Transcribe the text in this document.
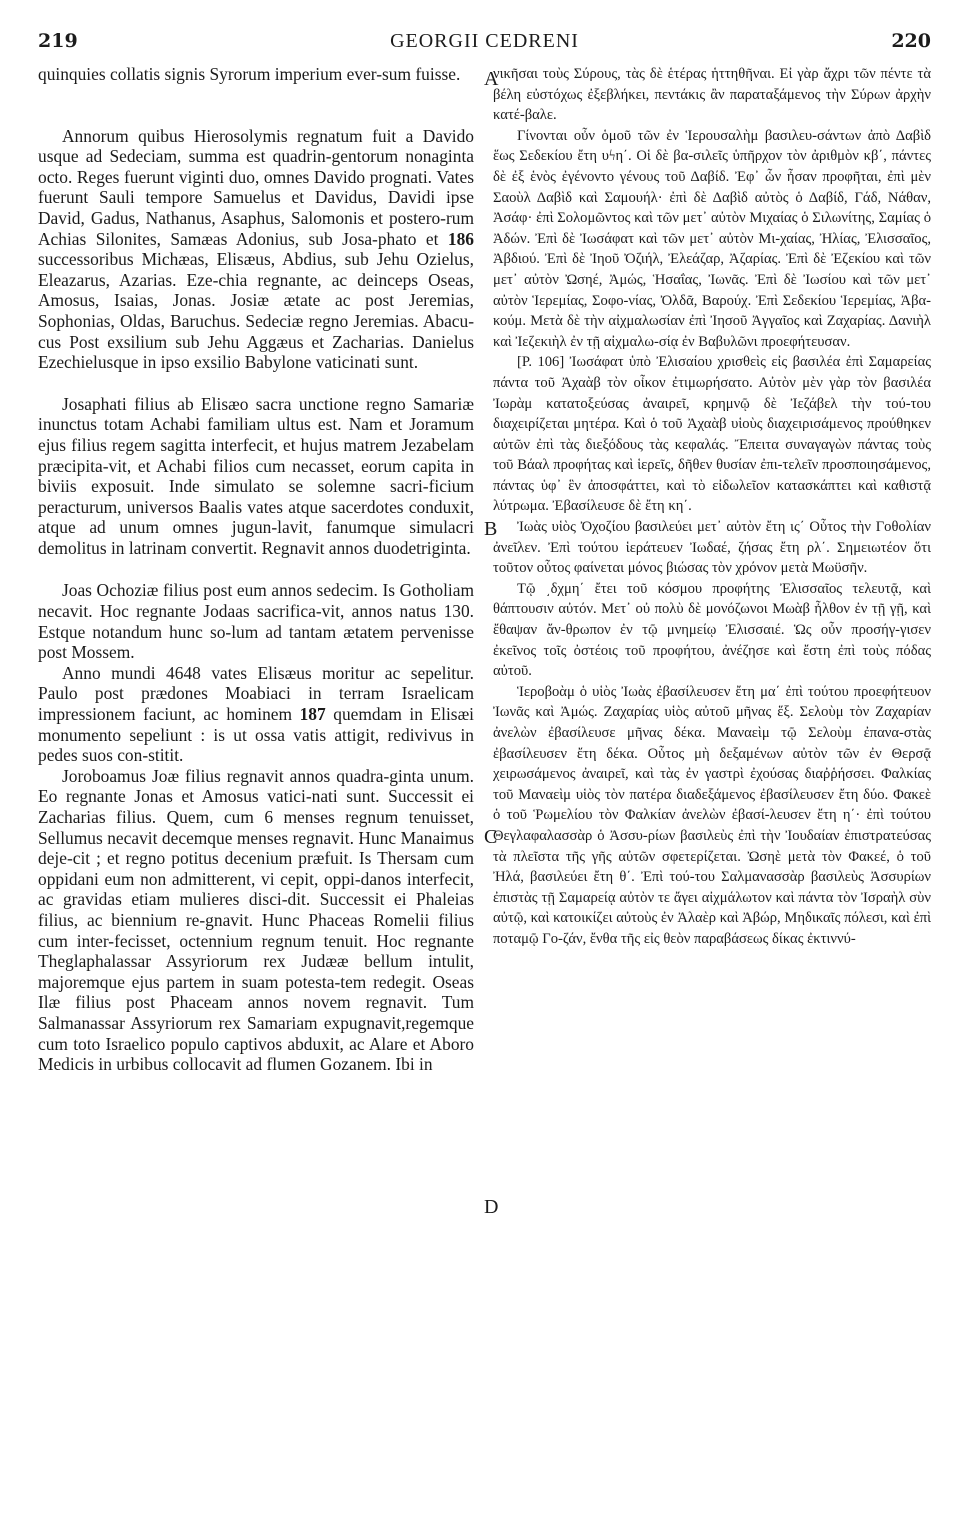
219	GEORGII CEDRENI	220
A
B
C
D

quinquies collatis signis Syrorum imperium ever-sum fuisse.

Annorum quibus Hierosolymis regnatum fuit a Davido usque ad Sedeciam, summa est quadrin-gentorum nonaginta octo. Reges fuerunt viginti duo, omnes Davido prognati. Vates fuerunt Sauli tempore Samuelus et Davidus, Davidi ipse David, Gadus, Nathanus, Asaphus, Salomonis et postero-rum Achias Silonites, Samæas Adonius, sub Josa-phato et 186 successoribus Michæas, Elisæus, Abdius, sub Jehu Ozielus, Eleazarus, Azarias. Eze-chia regnante, ac deinceps Oseas, Amosus, Isaias, Jonas. Josiæ ætate ac post Jeremias, Sophonias, Oldas, Baruchus. Sedeciæ regno Jeremias. Abacu-cus Post exsilium sub Jehu Aggæus et Zacharias. Danielus Ezechielusque in ipso exsilio Babylone vaticinati sunt.

Josaphati filius ab Elisæo sacra unctione regno Samariæ inunctus totam Achabi familiam ultus est. Nam et Joramum ejus filius regem sagitta interfecit, et hujus matrem Jezabelam præcipita-vit, et Achabi filios cum necasset, eorum capita in biviis exposuit. Inde simulato se solemne sacri-ficium peracturum, universos Baalis vates atque sacerdotes conduxit, atque ad unum omnes jugun-lavit, fanumque simulacri demolitus in latrinam convertit. Regnavit annos duodetriginta.

Joas Ochoziæ filius post eum annos sedecim. Is Gotholiam necavit. Hoc regnante Jodaas sacrifica-vit, annos natus 130. Estque notandum hunc so-lum ad tantam ætatem pervenisse post Mossem.

Anno mundi 4648 vates Elisæus moritur ac sepelitur. Paulo post prædones Moabiaci in terram Israelicam impressionem faciunt, ac hominem 187 quemdam in Elisæi monumento sepeliunt : is ut ossa vatis attigit, redivivus in pedes suos con-stitit.

Joroboamus Joæ filius regnavit annos quadra-ginta unum. Eo regnante Jonas et Amosus vatici-nati sunt. Successit ei Zacharias filius. Quem, cum 6 menses regnum tenuisset, Sellumus necavit decemque menses regnavit. Hunc Manaimus deje-cit ; et regno potitus decenium præfuit. Is Thersam cum oppidani eum non admitterent, vi cepit, oppi-danos interfecit, ac gravidas etiam mulieres disci-dit. Successit ei Phaleias filius, ac biennium re-gnavit. Hunc Phaceas Romelii filius cum inter-fecisset, octennium regnum tenuit. Hoc regnante Theglaphalassar Assyriorum rex Judææ bellum intulit, majoremque ejus partem in suam potesta-tem redegit. Oseas Ilæ filius post Phaceam annos novem regnavit. Tum Salmanassar Assyriorum rex Samariam expugnavit,regemque cum toto Israelico populo captivos abduxit, ac Alare et Aboro Medicis in urbibus collocavit ad flumen Gozanem. Ibi in

νικῆσαι τοὺς Σύρους, τὰς δὲ ἑτέρας ἡττηθῆναι. Εἰ γὰρ ἄχρι τῶν πέντε τὰ βέλη εὐστόχως ἐξεβλήκει, πεντάκις ἂν παραταξάμενος τὴν Σύρων ἀρχὴν κατέ-βαλε.

Γίνονται οὖν ὁμοῦ τῶν ἐν Ἱερουσαλὴμ βασιλευ-σάντων ἀπὸ Δαβὶδ ἕως Σεδεκίου ἔτη υϟη΄. Οἱ δὲ βα-σιλεῖς ὑπῆρχον τὸν ἀριθμὸν κβ΄, πάντες δὲ ἐξ ἑνὸς ἐγένοντο γένους τοῦ Δαβίδ. Ἐφ᾽ ὧν ἦσαν προφῆται, ἐπὶ μὲν Σαοὺλ Δαβὶδ καὶ Σαμουήλ· ἐπὶ δὲ Δαβὶδ αὐτὸς ὁ Δαβίδ, Γάδ, Νάθαν, Ἀσάφ· ἐπὶ Σολομῶντος καὶ τῶν μετ᾽ αὐτὸν Μιχαίας ὁ Σιλωνίτης, Σαμίας ὁ Ἀδών. Ἐπὶ δὲ Ἰωσάφατ καὶ τῶν μετ᾽ αὐτὸν Μι-χαίας, Ἠλίας, Ἐλισσαῖος, Ἀβδιού. Ἐπὶ δὲ Ἰηοῦ Ὀζιήλ, Ἐλεάζαρ, Ἀζαρίας. Ἐπὶ δὲ Ἐζεκίου καὶ τῶν μετ᾽ αὐτὸν Ὠσηέ, Ἀμώς, Ἡσαΐας, Ἰωνᾶς. Ἐπὶ δὲ Ἰωσίου καὶ τῶν μετ᾽ αὐτὸν Ἱερεμίας, Σοφο-νίας, Ὀλδᾶ, Βαρούχ. Ἐπὶ Σεδεκίου Ἱερεμίας, Ἀβα-κούμ. Μετὰ δὲ τὴν αἰχμαλωσίαν ἐπὶ Ἰησοῦ Ἀγγαῖος καὶ Ζαχαρίας. Δανιὴλ καὶ Ἰεζεκιὴλ ἐν τῇ αἰχμαλω-σίᾳ ἐν Βαβυλῶνι προεφήτευσαν.

[P. 106] Ἰωσάφατ ὑπὸ Ἐλισαίου χρισθεὶς εἰς βασιλέα ἐπὶ Σαμαρείας πάντα τοῦ Ἀχαὰβ τὸν οἶκον ἐτιμωρήσατο. Αὐτὸν μὲν γὰρ τὸν βασιλέα Ἰωρὰμ κατατοξεύσας ἀναιρεῖ, κρημνῷ δὲ Ἰεζάβελ τὴν τού-του διαχειρίζεται μητέρα. Καὶ ὁ τοῦ Ἀχαὰβ υἱοὺς διαχειρισάμενος προύθηκεν αὐτῶν ἐπὶ τὰς διεξόδους τὰς κεφαλάς. Ἔπειτα συναγαγὼν πάντας τοὺς τοῦ Βάαλ προφήτας καὶ ἱερεῖς, δῆθεν θυσίαν ἐπι-τελεῖν προσποιησάμενος, πάντας ὑφ᾽ ἓν ἀποσφάττει, καὶ τὸ εἰδωλεῖον κατασκάπτει καὶ καθιστᾷ λύτρωμα. Ἐβασίλευσε δὲ ἔτη κη΄.

Ἰωὰς υἱὸς Ὀχοζίου βασιλεύει μετ᾽ αὐτὸν ἔτη ις΄ Οὗτος τὴν Γοθολίαν ἀνεῖλεν. Ἐπὶ τούτου ἱεράτευεν Ἰωδαέ, ζήσας ἔτη ρλ΄. Σημειωτέον ὅτι τοῦτον οὗτος φαίνεται μόνος βιώσας τὸν χρόνον μετὰ Μωϋσῆν.

Τῷ ͵δχμη΄ ἔτει τοῦ κόσμου προφήτης Ἐλισσαῖος τελευτᾷ, καὶ θάπτουσιν αὐτόν. Μετ᾽ οὐ πολὺ δὲ μονόζωνοι Μωὰβ ἦλθον ἐν τῇ γῇ, καὶ ἔθαψαν ἄν-θρωπον ἐν τῷ μνημείῳ Ἐλισσαιέ. Ὡς οὖν προσήγ-γισεν ἐκεῖνος τοῖς ὀστέοις τοῦ προφήτου, ἀνέζησε καὶ ἔστη ἐπὶ τοὺς πόδας αὐτοῦ.

Ἱεροβοὰμ ὁ υἱὸς Ἰωὰς ἐβασίλευσεν ἔτη μα΄ ἐπὶ τούτου προεφήτευον Ἰωνᾶς καὶ Ἀμώς. Ζαχαρίας υἱὸς αὐτοῦ μῆνας ἕξ. Σελοὺμ τὸν Ζαχαρίαν ἀνελὼν ἐβασίλευσε μῆνας δέκα. Μαναεὶμ τῷ Σελοὺμ ἐπανα-στὰς ἐβασίλευσεν ἔτη δέκα. Οὗτος μὴ δεξαμένων αὐτὸν τῶν ἐν Θερσᾷ χειρωσάμενος ἀναιρεῖ, καὶ τὰς ἐν γαστρὶ ἐχούσας διαῤῥήσσει. Φαλκίας τοῦ Μαναεὶμ υἱὸς τὸν πατέρα διαδεξάμενος ἐβασίλευσεν ἔτη δύο. Φακεὲ ὁ τοῦ Ῥωμελίου τὸν Φαλκίαν ἀνελὼν ἐβασί-λευσεν ἔτη η΄· ἐπὶ τούτου Θεγλαφαλασσὰρ ὁ Ἀσσυ-ρίων βασιλεὺς ἐπὶ τὴν Ἰουδαίαν ἐπιστρατεύσας τὰ πλεῖστα τῆς γῆς αὐτῶν σφετερίζεται. Ὠσηὲ μετὰ τὸν Φακεέ, ὁ τοῦ Ἠλά, βασιλεύει ἔτη θ΄. Ἐπὶ τού-του Σαλμανασσὰρ βασιλεὺς Ἀσσυρίων ἐπιστὰς τῇ Σαμαρείᾳ αὐτὸν τε ἄγει αἰχμάλωτον καὶ πάντα τὸν Ἰσραὴλ σὺν αὐτῷ, καὶ κατοικίζει αὐτοὺς ἐν Ἀλαὲρ καὶ Ἀβώρ, Μηδικαῖς πόλεσι, καὶ ἐπὶ ποταμῷ Γο-ζάν, ἔνθα τῆς εἰς θεὸν παραβάσεως δίκας ἐκτιννύ-
